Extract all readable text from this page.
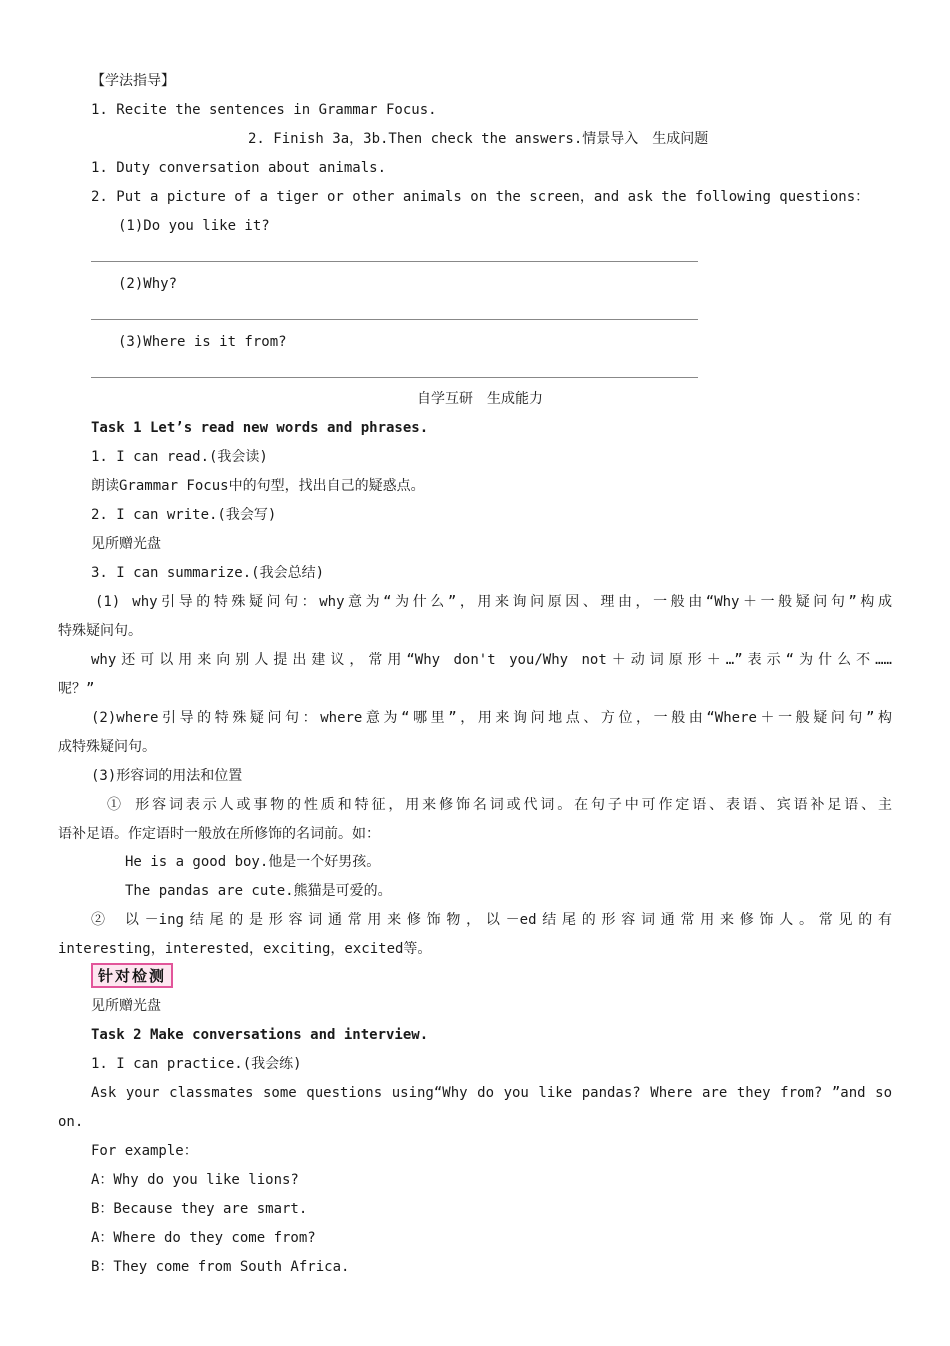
【学法指导】
1. Recite the sentences in Grammar Focus.
2. Finish 3a，3b.Then check the answers.情景导入　生成问题
1. Duty conversation about animals.
2. Put a picture of a tiger or other animals on the screen，and ask the following questions：
(1)Do you like it?
(2)Why?
(3)Where is it from?
自学互研　生成能力
Task 1 Let’s read new words and phrases.
1. I can read.(我会读)
朗读Grammar Focus中的句型，找出自己的疑惑点。
2. I can write.(我会写)
见所赠光盘
3. I can summarize.(我会总结)
(1) why引导的特殊疑问句：why意为“为什么”，用来询问原因、理由，一般由“Why＋一般疑问句”构成
特殊疑问句。
why还可以用来向别人提出建议，常用“Why don't you/Why not＋动词原形＋…”表示“为什么不……
呢？”
(2)where引导的特殊疑问句：where意为“哪里”，用来询问地点、方位，一般由“Where＋一般疑问句”构
成特殊疑问句。
(3)形容词的用法和位置
① 形容词表示人或事物的性质和特征，用来修饰名词或代词。在句子中可作定语、表语、宾语补足语、主
语补足语。作定语时一般放在所修饰的名词前。如：
He is a good boy.他是一个好男孩。
The pandas are cute.熊猫是可爱的。
② 以－ing结尾的是形容词通常用来修饰物，以－ed结尾的形容词通常用来修饰人。常见的有
interesting，interested，exciting，excited等。
针对检测
见所赠光盘
Task 2 Make conversations and interview.
1. I can practice.(我会练)
Ask your classmates some questions using“Why do you like pandas? Where are they from? ”and so
on.
For example：
A：Why do you like lions?
B：Because they are smart.
A：Where do they come from?
B：They come from South Africa.
